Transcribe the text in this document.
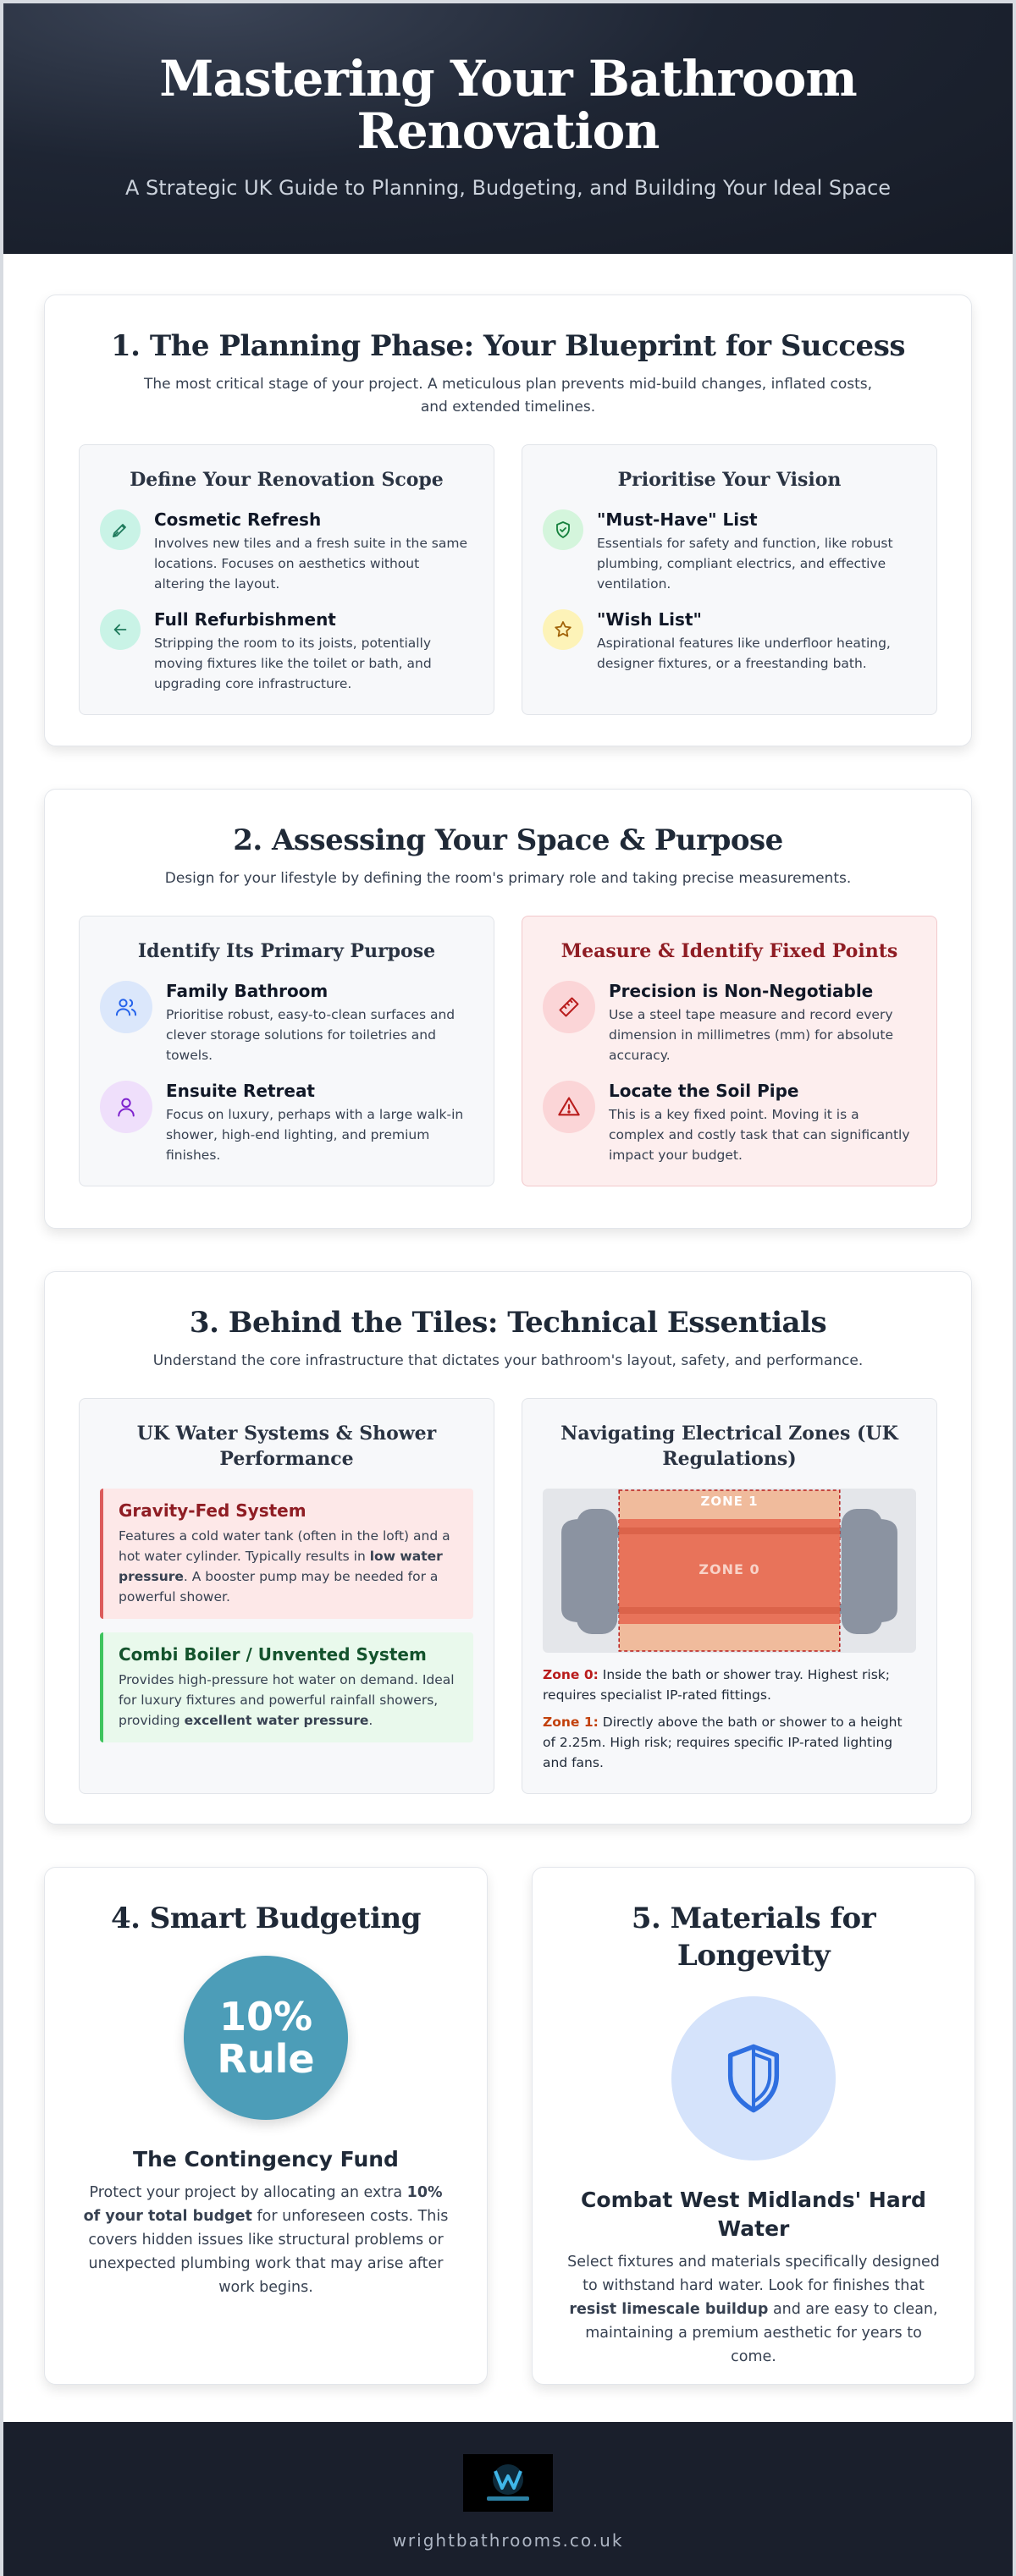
Mastering Your Bathroom Renovation

A Strategic UK Guide to Planning, Budgeting, and Building Your Ideal Space

1. The Planning Phase: Your Blueprint for Success

The most critical stage of your project. A meticulous plan prevents mid-build changes, inflated costs, and extended timelines.

Define Your Renovation Scope
Cosmetic Refresh

Involves new tiles and a fresh suite in the same locations. Focuses on aesthetics without altering the layout.

Full Refurbishment

Stripping the room to its joists, potentially moving fixtures like the toilet or bath, and upgrading core infrastructure.

Prioritise Your Vision
"Must-Have" List

Essentials for safety and function, like robust plumbing, compliant electrics, and effective ventilation.

"Wish List"

Aspirational features like underfloor heating, designer fixtures, or a freestanding bath.

2. Assessing Your Space & Purpose

Design for your lifestyle by defining the room's primary role and taking precise measurements.

Identify Its Primary Purpose
Family Bathroom

Prioritise robust, easy-to-clean surfaces and clever storage solutions for toiletries and towels.

Ensuite Retreat

Focus on luxury, perhaps with a large walk-in shower, high-end lighting, and premium finishes.

Measure & Identify Fixed Points
Precision is Non-Negotiable

Use a steel tape measure and record every dimension in millimetres (mm) for absolute accuracy.

Locate the Soil Pipe

This is a key fixed point. Moving it is a complex and costly task that can significantly impact your budget.

3. Behind the Tiles: Technical Essentials

Understand the core infrastructure that dictates your bathroom's layout, safety, and performance.

UK Water Systems & Shower Performance
Gravity-Fed System

Features a cold water tank (often in the loft) and a hot water cylinder. Typically results in low water pressure. A booster pump may be needed for a powerful shower.

Combi Boiler / Unvented System

Provides high-pressure hot water on demand. Ideal for luxury fixtures and powerful rainfall showers, providing excellent water pressure.

Navigating Electrical Zones (UK Regulations)
ZONE 1
ZONE 0

Zone 0: Inside the bath or shower tray. Highest risk; requires specialist IP-rated fittings.

Zone 1: Directly above the bath or shower to a height of 2.25m. High risk; requires specific IP-rated lighting and fans.

4. Smart Budgeting
10%
Rule
The Contingency Fund

Protect your project by allocating an extra 10% of your total budget for unforeseen costs. This covers hidden issues like structural problems or unexpected plumbing work that may arise after work begins.

5. Materials for Longevity
Combat West Midlands' Hard Water

Select fixtures and materials specifically designed to withstand hard water. Look for finishes that resist limescale buildup and are easy to clean, maintaining a premium aesthetic for years to come.

wrightbathrooms.co.uk
